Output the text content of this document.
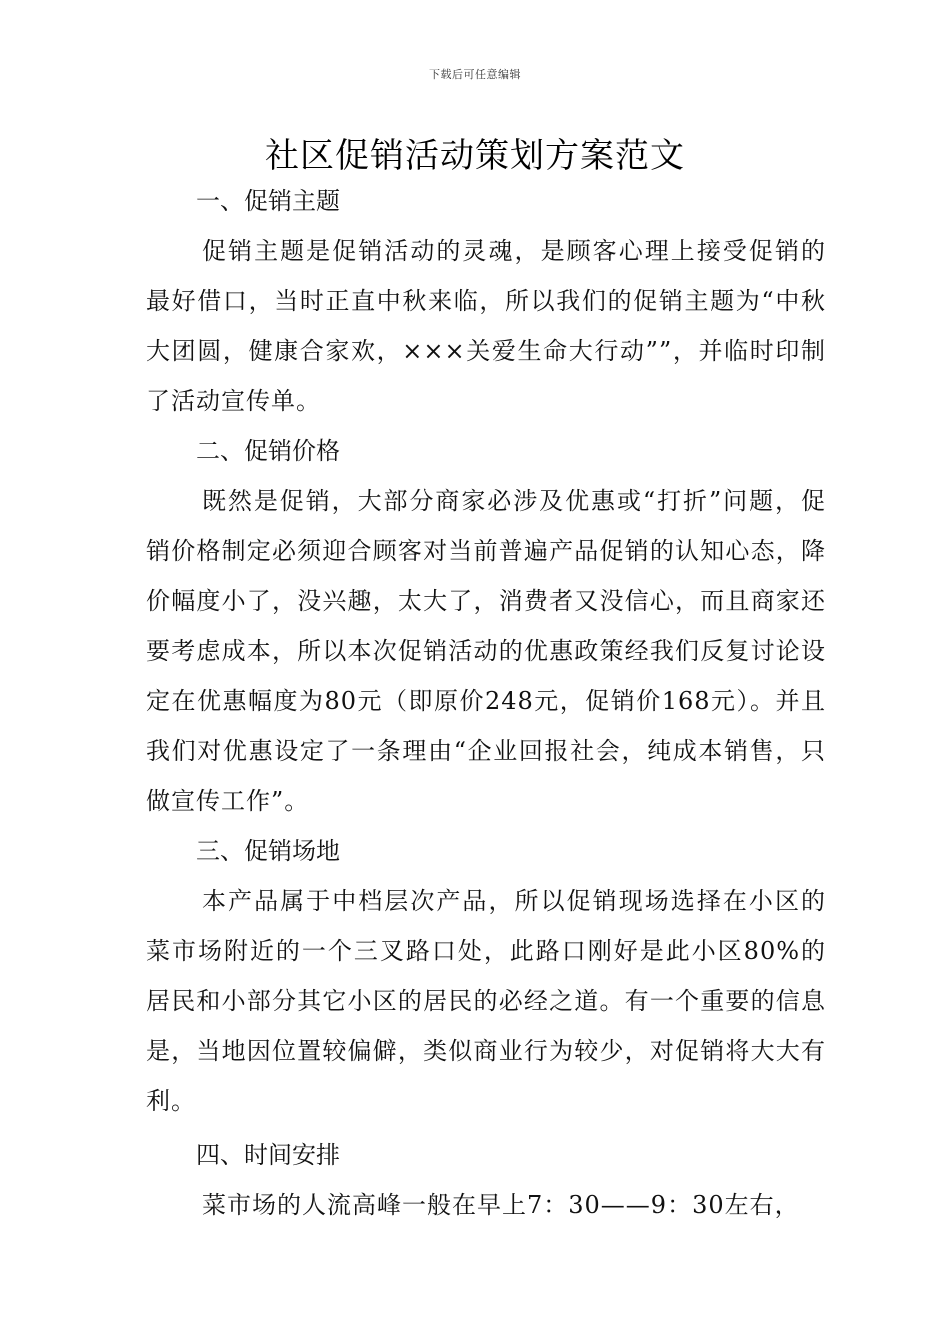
下载后可任意编辑
社区促销活动策划方案范文

一、促销主题

促销主题是促销活动的灵魂，是顾客心理上接受促销的最好借口，当时正直中秋来临，所以我们的促销主题为“中秋大团圆，健康合家欢，×××关爱生命大行动””，并临时印制了活动宣传单。

二、促销价格

既然是促销，大部分商家必涉及优惠或“打折”问题，促销价格制定必须迎合顾客对当前普遍产品促销的认知心态，降价幅度小了，没兴趣，太大了，消费者又没信心，而且商家还要考虑成本，所以本次促销活动的优惠政策经我们反复讨论设定在优惠幅度为80元（即原价248元，促销价168元）。并且我们对优惠设定了一条理由“企业回报社会，纯成本销售，只做宣传工作”。

三、促销场地

本产品属于中档层次产品，所以促销现场选择在小区的菜市场附近的一个三叉路口处，此路口刚好是此小区80%的居民和小部分其它小区的居民的必经之道。有一个重要的信息是，当地因位置较偏僻，类似商业行为较少，对促销将大大有利。

四、时间安排

菜市场的人流高峰一般在早上7：30——9：30左右，
